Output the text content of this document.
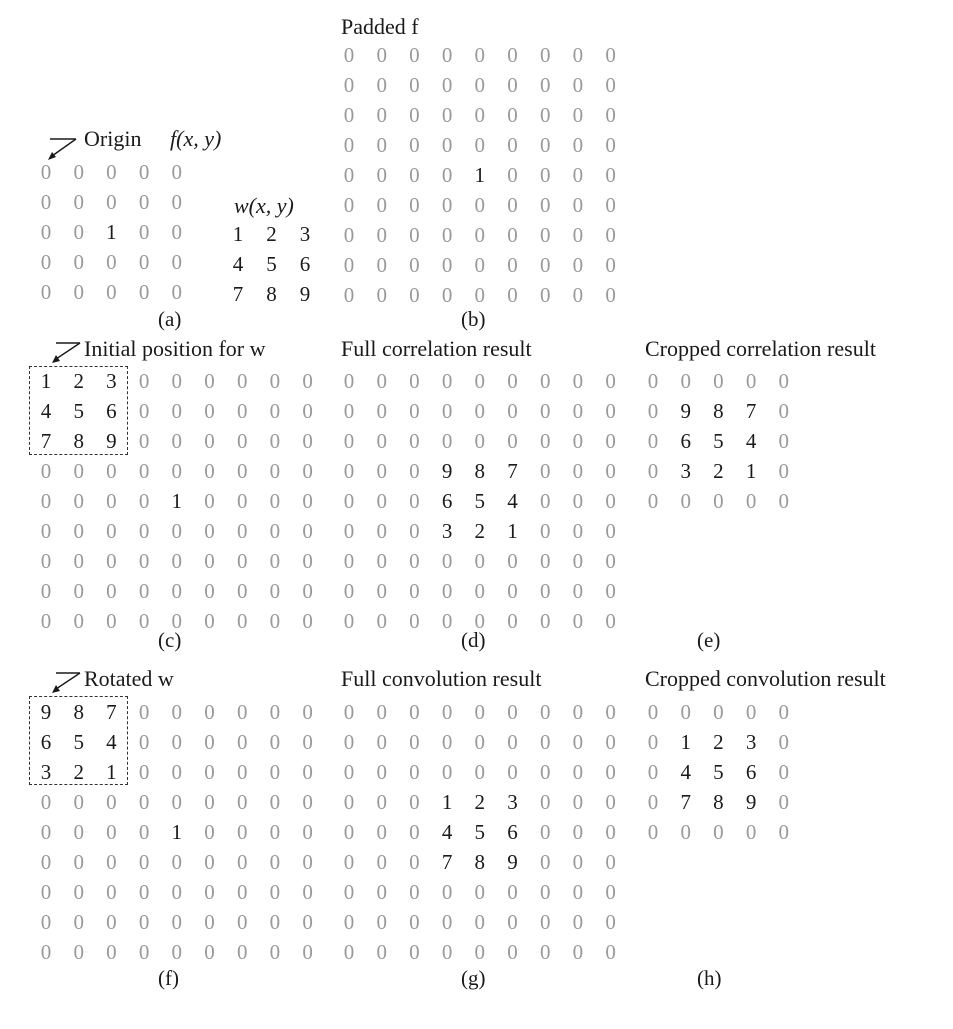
Padded f
Origin f(x, y)
w(x, y)
Initial position for w	Full correlation result	Cropped correlation result
Rotated w	Full convolution result	Cropped convolution result
(a)	(b)
(c)	(d)	(e)
(f)	(g)	(h)
0	0	0	0	0
0	0	0	0	0
0	0	1	0	0
0	0	0	0	0
0	0	0	0	0
1	2	3
4	5	6
7	8	9
0	0	0	0	0	0	0	0	0
0	0	0	0	0	0	0	0	0
0	0	0	0	0	0	0	0	0
0	0	0	0	0	0	0	0	0
0	0	0	0	1	0	0	0	0
0	0	0	0	0	0	0	0	0
0	0	0	0	0	0	0	0	0
0	0	0	0	0	0	0	0	0
0	0	0	0	0	0	0	0	0
1	2	3	0	0	0	0	0	0
4	5	6	0	0	0	0	0	0
7	8	9	0	0	0	0	0	0
0	0	0	0	0	0	0	0	0
0	0	0	0	1	0	0	0	0
0	0	0	0	0	0	0	0	0
0	0	0	0	0	0	0	0	0
0	0	0	0	0	0	0	0	0
0	0	0	0	0	0	0	0	0
0	0	0	0	0	0	0	0	0
0	0	0	0	0	0	0	0	0
0	0	0	0	0	0	0	0	0
0	0	0	9	8	7	0	0	0
0	0	0	6	5	4	0	0	0
0	0	0	3	2	1	0	0	0
0	0	0	0	0	0	0	0	0
0	0	0	0	0	0	0	0	0
0	0	0	0	0	0	0	0	0
0	0	0	0	0
0	9	8	7	0
0	6	5	4	0
0	3	2	1	0
0	0	0	0	0
9	8	7	0	0	0	0	0	0
6	5	4	0	0	0	0	0	0
3	2	1	0	0	0	0	0	0
0	0	0	0	0	0	0	0	0
0	0	0	0	1	0	0	0	0
0	0	0	0	0	0	0	0	0
0	0	0	0	0	0	0	0	0
0	0	0	0	0	0	0	0	0
0	0	0	0	0	0	0	0	0
0	0	0	0	0	0	0	0	0
0	0	0	0	0	0	0	0	0
0	0	0	0	0	0	0	0	0
0	0	0	1	2	3	0	0	0
0	0	0	4	5	6	0	0	0
0	0	0	7	8	9	0	0	0
0	0	0	0	0	0	0	0	0
0	0	0	0	0	0	0	0	0
0	0	0	0	0	0	0	0	0
0	0	0	0	0
0	1	2	3	0
0	4	5	6	0
0	7	8	9	0
0	0	0	0	0
